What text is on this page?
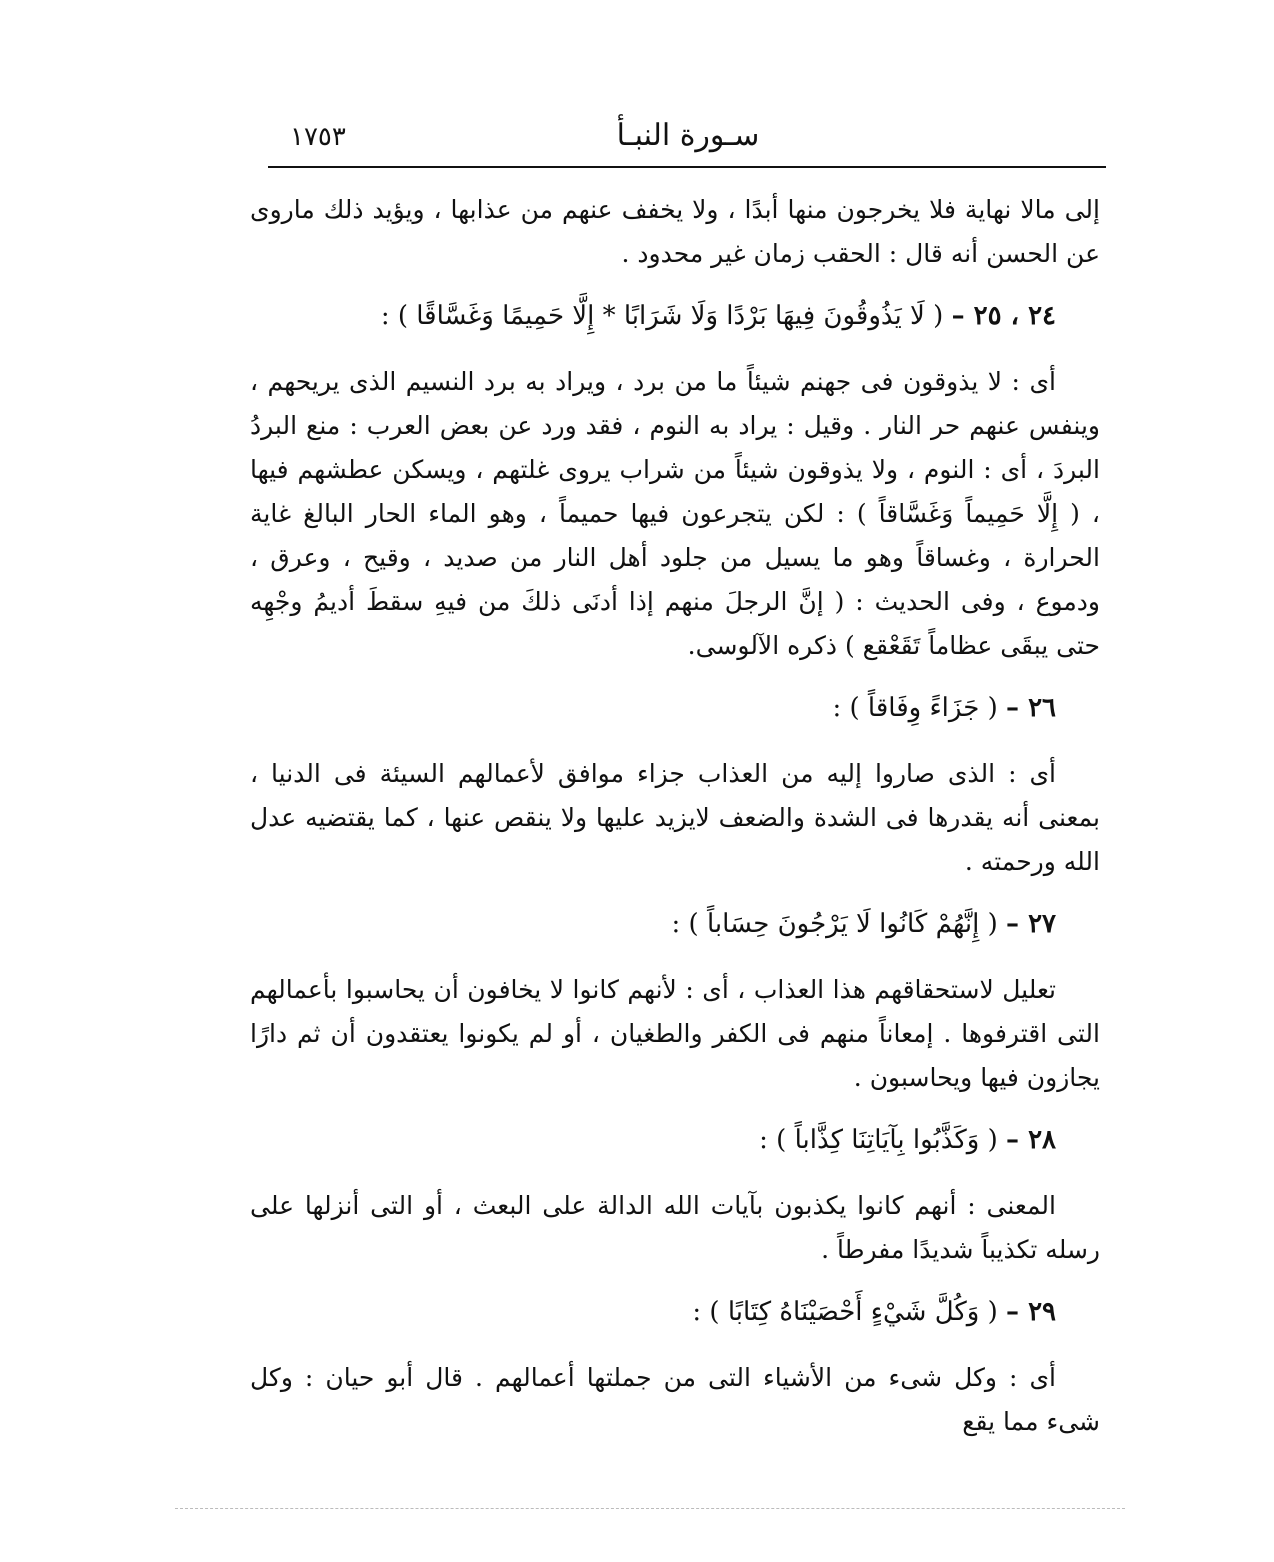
سـورة النبـأ
١٧٥٣

إلى مالا نهاية فلا يخرجون منها أبدًا ، ولا يخفف عنهم من عذابها ، ويؤيد ذلك ماروى عن الحسن أنه قال : الحقب زمان غير محدود .

٢٤ ، ٢٥ – ( لَا يَذُوقُونَ فِيهَا بَرْدًا وَلَا شَرَابًا * إِلَّا حَمِيمًا وَغَسَّاقًا ) :

أى : لا يذوقون فى جهنم شيئاً ما من برد ، ويراد به برد النسيم الذى يريحهم ، وينفس عنهم حر النار . وقيل : يراد به النوم ، فقد ورد عن بعض العرب : منع البردُ البردَ ، أى : النوم ، ولا يذوقون شيئاً من شراب يروى غلتهم ، ويسكن عطشهم فيها ، ( إِلَّا حَمِيماً وَغَسَّاقاً ) : لكن يتجرعون فيها حميماً ، وهو الماء الحار البالغ غاية الحرارة ، وغساقاً وهو ما يسيل من جلود أهل النار من صديد ، وقيح ، وعرق ، ودموع ، وفى الحديث : ( إنَّ الرجلَ منهم إذا أدنَى ذلكَ من فيهِ سقطَ أديمُ وجْهِه حتى يبقَى عظاماً تَقَعْقع ) ذكره الآلوسى.

٢٦ – ( جَزَاءً وِفَاقاً ) :

أى : الذى صاروا إليه من العذاب جزاء موافق لأعمالهم السيئة فى الدنيا ، بمعنى أنه يقدرها فى الشدة والضعف لايزيد عليها ولا ينقص عنها ، كما يقتضيه عدل الله ورحمته .

٢٧ – ( إِنَّهُمْ كَانُوا لَا يَرْجُونَ حِسَاباً ) :

تعليل لاستحقاقهم هذا العذاب ، أى : لأنهم كانوا لا يخافون أن يحاسبوا بأعمالهم التى اقترفوها . إمعاناً منهم فى الكفر والطغيان ، أو لم يكونوا يعتقدون أن ثم دارًا يجازون فيها ويحاسبون .

٢٨ – ( وَكَذَّبُوا بِآيَاتِنَا كِذَّاباً ) :

المعنى : أنهم كانوا يكذبون بآيات الله الدالة على البعث ، أو التى أنزلها على رسله تكذيباً شديدًا مفرطاً .

٢٩ – ( وَكُلَّ شَيْءٍ أَحْصَيْنَاهُ كِتَابًا ) :

أى : وكل شىء من الأشياء التى من جملتها أعمالهم . قال أبو حيان : وكل شىء مما يقع
